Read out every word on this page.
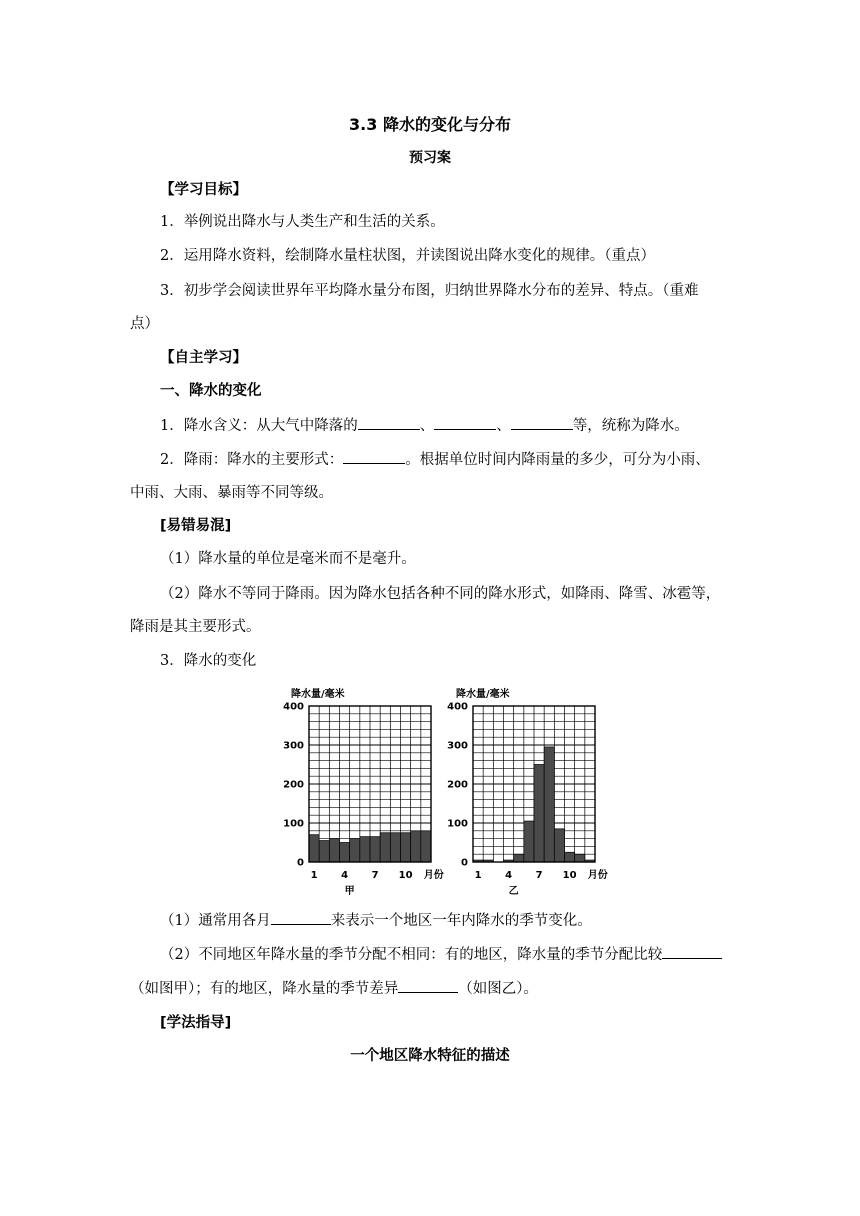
3.3 降水的变化与分布
预习案
【学习目标】
1．举例说出降水与人类生产和生活的关系。
2．运用降水资料，绘制降水量柱状图，并读图说出降水变化的规律。（重点）
3．初步学会阅读世界年平均降水量分布图，归纳世界降水分布的差异、特点。（重难
点）
【自主学习】
一、降水的变化
1．降水含义：从大气中降落的	、	、	等，统称为降水。
2．降雨：降水的主要形式：	。根据单位时间内降雨量的多少，可分为小雨、
中雨、大雨、暴雨等不同等级。
[易错易混]
（1）降水量的单位是毫米而不是毫升。
（2）降水不等同于降雨。因为降水包括各种不同的降水形式，如降雨、降雪、冰雹等，
降雨是其主要形式。
3．降水的变化
400
300
200
100
0
1 4 7 10 月份
降水量/毫米
甲
400
300
200
100
0
1 4 7 10 月份
降水量/毫米
乙
（1）通常用各月	来表示一个地区一年内降水的季节变化。
（2）不同地区年降水量的季节分配不相同：有的地区，降水量的季节分配比较
（如图甲）；有的地区，降水量的季节差异	（如图乙）。
[学法指导]
一个地区降水特征的描述
